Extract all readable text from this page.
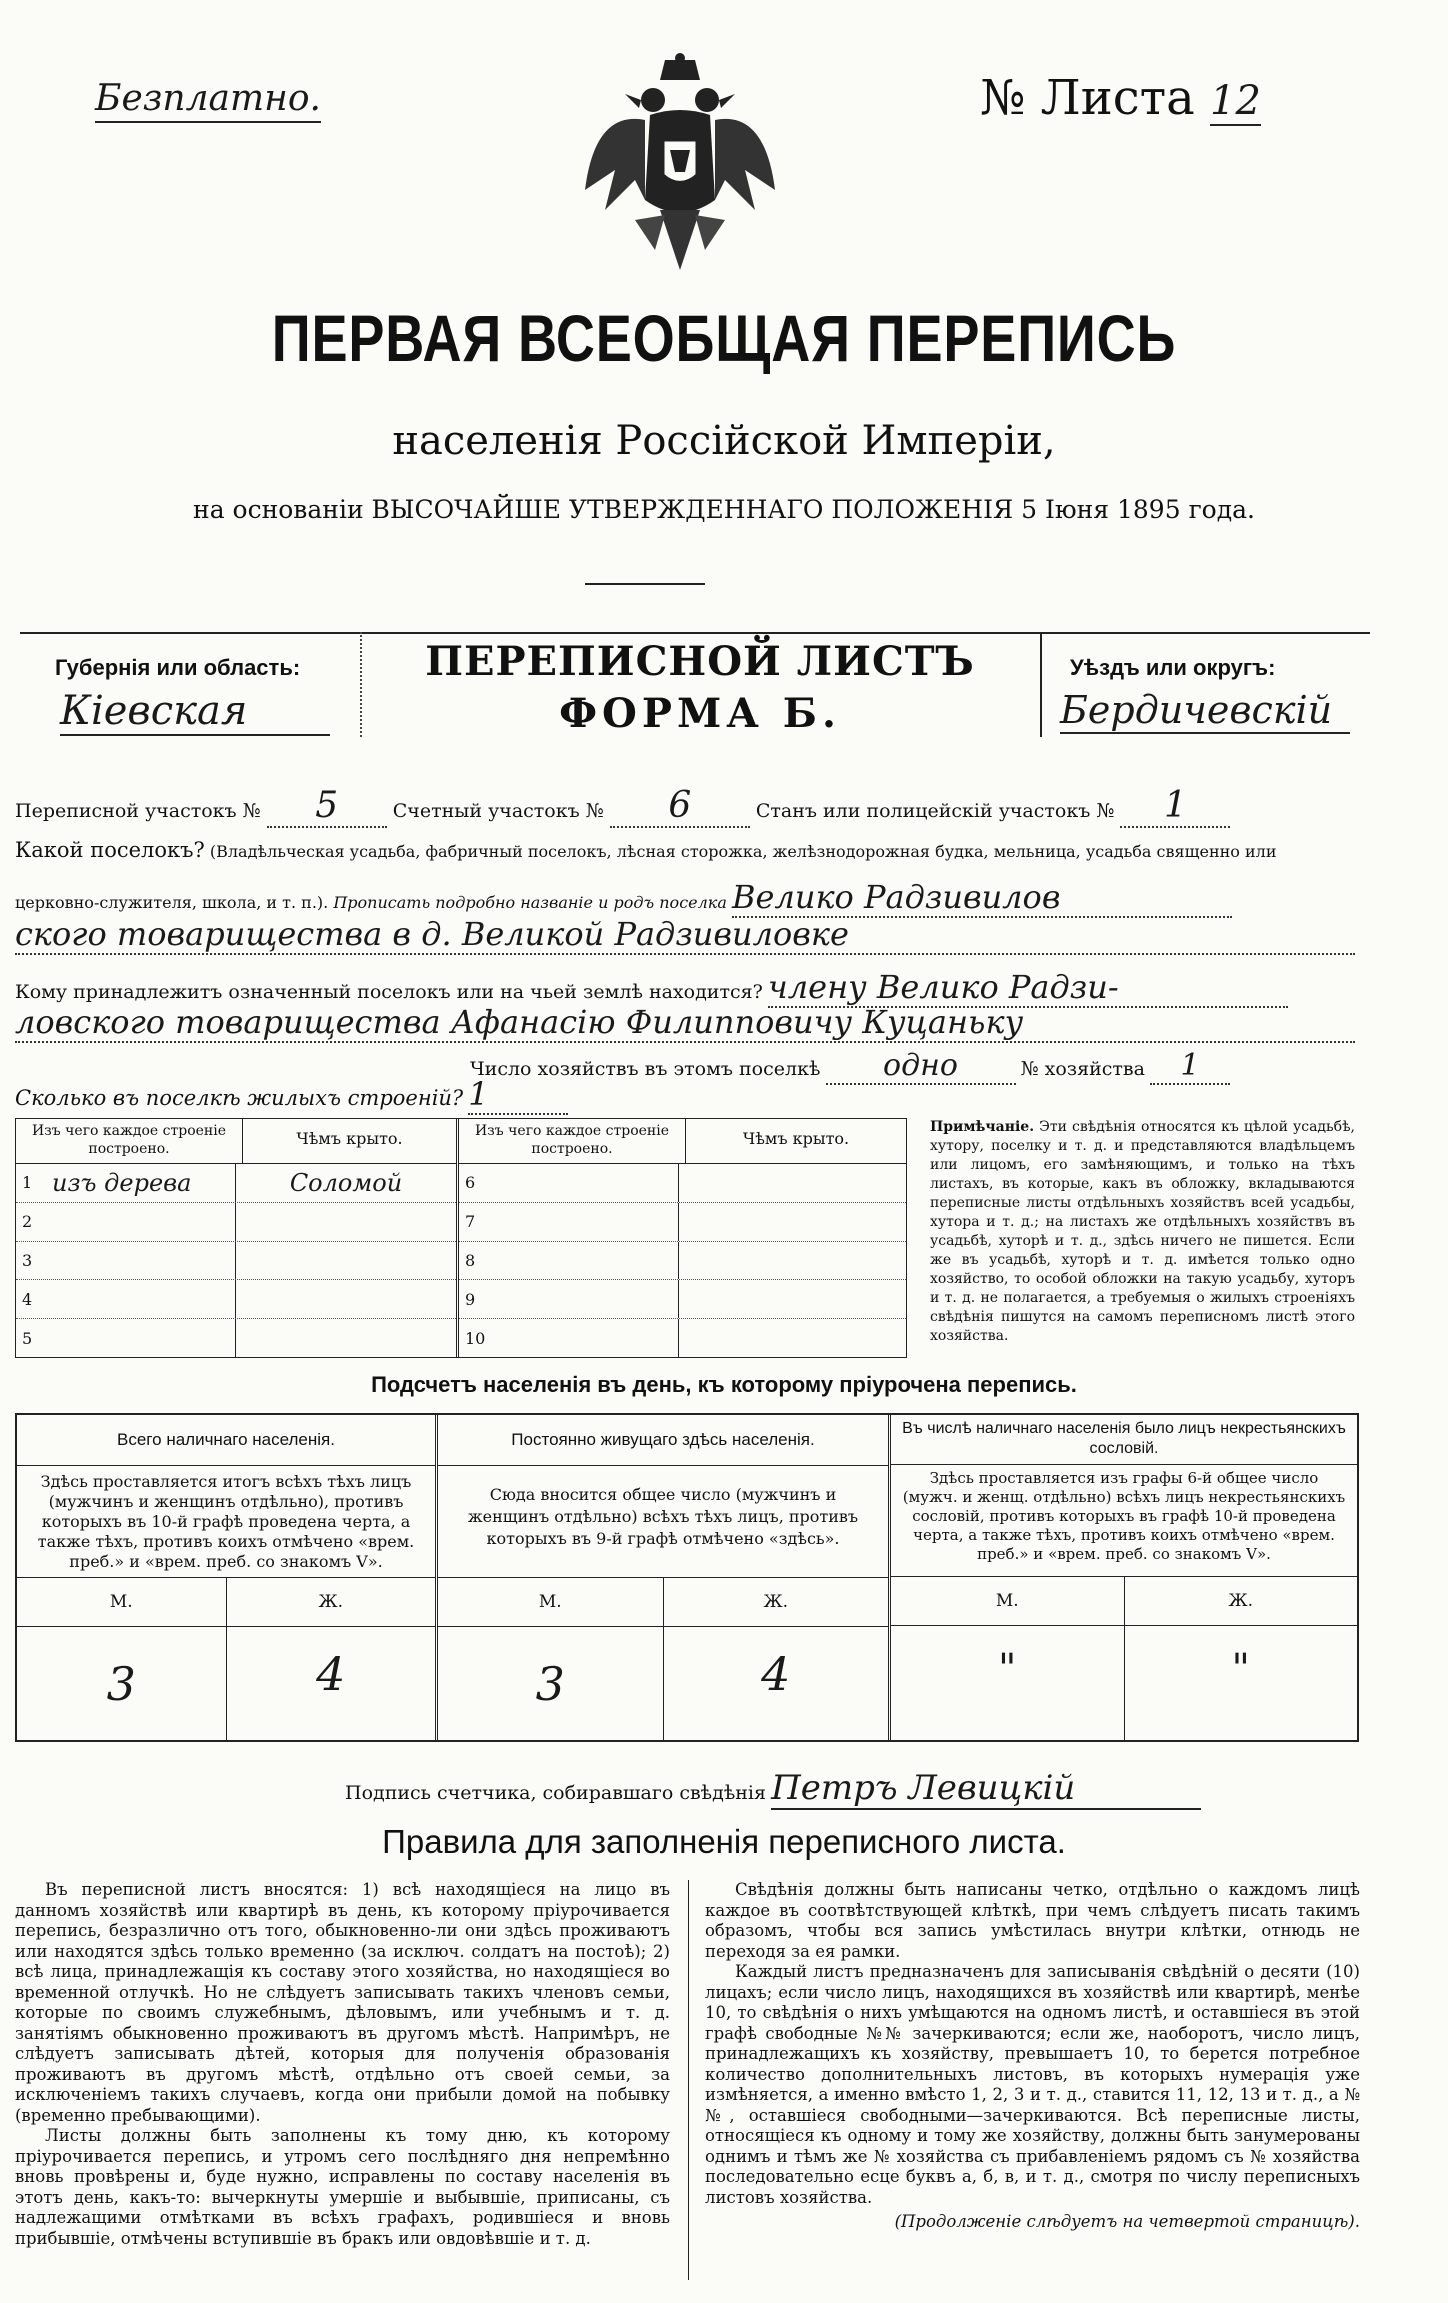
Безплатно.	№ Листа 12
ПЕРВАЯ ВСЕОБЩАЯ ПЕРЕПИСЬ
населенія Россійской Имперіи,
на основаніи ВЫСОЧАЙШЕ УТВЕРЖДЕННАГО ПОЛОЖЕНІЯ 5 Іюня 1895 года.
Губернія или область:
Кіевская
ПЕРЕПИСНОЙ ЛИСТЪ
ФОРМА Б.
Уѣздъ или округъ:
Бердичевскій
Переписной участокъ № 5	Счетный участокъ № 6	Станъ или полицейскій участокъ № 1
Какой поселокъ? (Владѣльческая усадьба, фабричный поселокъ, лѣсная сторожка, желѣзнодорожная будка, мельница, усадьба священно или
церковно-служителя, школа, и т. п.). Прописать подробно названіе и родъ поселка Велико Радзивилов
ского товарищества в д. Великой Радзивиловке
Кому принадлежитъ означенный поселокъ или на чьей землѣ находится? члену Велико Радзи-
ловского товарищества Афанасію Филипповичу Куцаньку
Число хозяйствъ въ этомъ поселкѣ одно	№ хозяйства 1
Сколько въ поселкѣ жилыхъ строеній? 1
Изъ чего каждое строеніе построено.
Чѣмъ крыто.
1 изъ дерева	Соломой
2
3
4
5
Изъ чего каждое строеніе построено.
Чѣмъ крыто.
6
7
8
9
10
Примѣчаніе. Эти свѣдѣнія относятся къ цѣлой усадьбѣ, хутору, поселку и т. д. и представляются владѣльцемъ или лицомъ, его замѣняющимъ, и только на тѣхъ листахъ, въ которые, какъ въ обложку, вкладываются переписные листы отдѣльныхъ хозяйствъ всей усадьбы, хутора и т. д.; на листахъ же отдѣльныхъ хозяйствъ въ усадьбѣ, хуторѣ и т. д., здѣсь ничего не пишется. Если же въ усадьбѣ, хуторѣ и т. д. имѣется только одно хозяйство, то особой обложки на такую усадьбу, хуторъ и т. д. не полагается, а требуемыя о жилыхъ строеніяхъ свѣдѣнія пишутся на самомъ переписномъ листѣ этого хозяйства.
Подсчетъ населенія въ день, къ которому пріурочена перепись.
Всего наличнаго населенія.
Здѣсь проставляется итогъ всѣхъ тѣхъ лицъ (мужчинъ и женщинъ отдѣльно), противъ которыхъ въ 10-й графѣ проведена черта, а также тѣхъ, противъ коихъ отмѣчено «врем. преб.» и «врем. преб. со знакомъ V».
М.	Ж.
3	4
Постоянно живущаго здѣсь населенія.
Сюда вносится общее число (мужчинъ и женщинъ отдѣльно) всѣхъ тѣхъ лицъ, противъ которыхъ въ 9-й графѣ отмѣчено «здѣсь».
М.	Ж.
3	4
Въ числѣ наличнаго населенія было лицъ некрестьянскихъ сословій.
Здѣсь проставляется изъ графы 6-й общее число (мужч. и женщ. отдѣльно) всѣхъ лицъ некрестьянскихъ сословій, противъ которыхъ въ графѣ 10-й проведена черта, а также тѣхъ, противъ коихъ отмѣчено «врем. преб.» и «врем. преб. со знакомъ V».
М.	Ж.
"	"
Подпись счетчика, собиравшаго свѣдѣнія Петръ Левицкій
Правила для заполненія переписного листа.
Въ переписной листъ вносятся: 1) всѣ находящіеся на лицо въ данномъ хозяйствѣ или квартирѣ въ день, къ которому пріурочивается перепись, безразлично отъ того, обыкновенно-ли они здѣсь проживаютъ или находятся здѣсь только временно (за исключ. солдатъ на постоѣ); 2) всѣ лица, принадлежащія къ составу этого хозяйства, но находящіеся во временной отлучкѣ. Но не слѣдуетъ записывать такихъ членовъ семьи, которые по своимъ служебнымъ, дѣловымъ, или учебнымъ и т. д. занятіямъ обыкновенно проживаютъ въ другомъ мѣстѣ. Напримѣръ, не слѣдуетъ записывать дѣтей, которыя для полученія образованія проживаютъ въ другомъ мѣстѣ, отдѣльно отъ своей семьи, за исключеніемъ такихъ случаевъ, когда они прибыли домой на побывку (временно пребывающими).
Листы должны быть заполнены къ тому дню, къ которому пріурочивается перепись, и утромъ сего послѣдняго дня непремѣнно вновь провѣрены и, буде нужно, исправлены по составу населенія въ этотъ день, какъ-то: вычеркнуты умершіе и выбывшіе, приписаны, съ надлежащими отмѣтками въ всѣхъ графахъ, родившіеся и вновь прибывшіе, отмѣчены вступившіе въ бракъ или овдовѣвшіе и т. д.
Свѣдѣнія должны быть написаны четко, отдѣльно о каждомъ лицѣ каждое въ соотвѣтствующей клѣткѣ, при чемъ слѣдуетъ писать такимъ образомъ, чтобы вся запись умѣстилась внутри клѣтки, отнюдь не переходя за ея рамки.
Каждый листъ предназначенъ для записыванія свѣдѣній о десяти (10) лицахъ; если число лицъ, находящихся въ хозяйствѣ или квартирѣ, менѣе 10, то свѣдѣнія о нихъ умѣщаются на одномъ листѣ, и оставшіеся въ этой графѣ свободные №№ зачеркиваются; если же, наоборотъ, число лицъ, принадлежащихъ къ хозяйству, превышаетъ 10, то берется потребное количество дополнительныхъ листовъ, въ которыхъ нумерація уже измѣняется, а именно вмѣсто 1, 2, 3 и т. д., ставится 11, 12, 13 и т. д., а №№, оставшіеся свободными—зачеркиваются. Всѣ переписные листы, относящіеся къ одному и тому же хозяйству, должны быть занумерованы однимъ и тѣмъ же № хозяйства съ прибавленіемъ рядомъ съ № хозяйства последовательно есце буквъ а, б, в, и т. д., смотря по числу переписныхъ листовъ хозяйства.
(Продолженіе слѣдуетъ на четвертой страницѣ).
